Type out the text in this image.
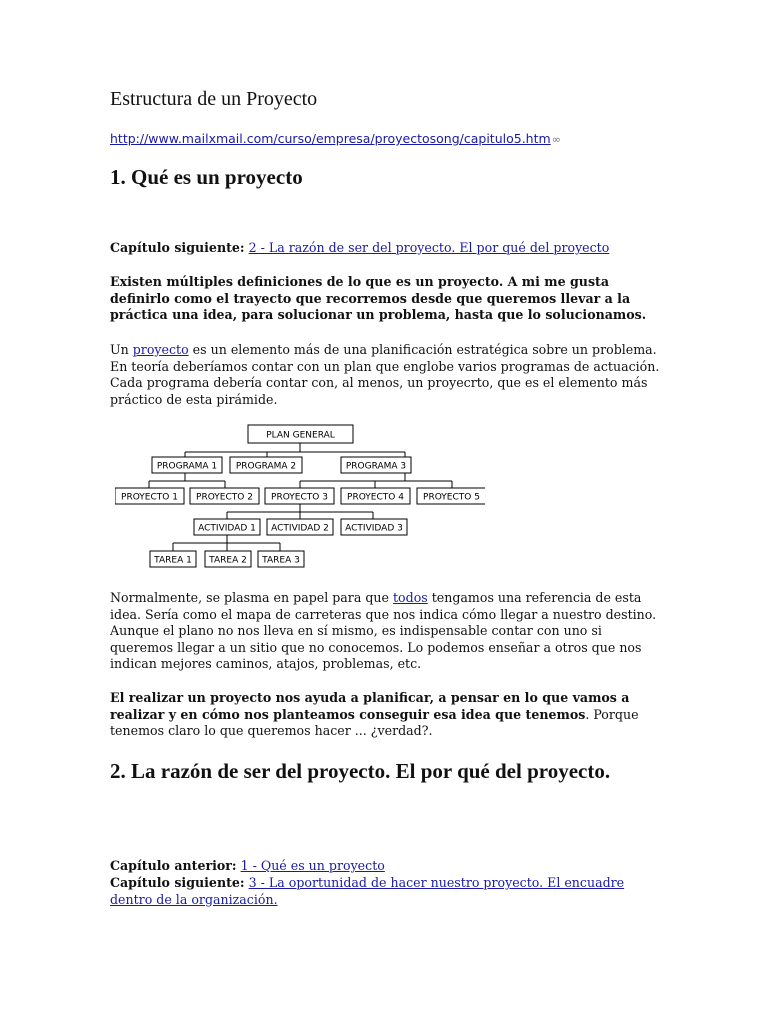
Estructura de un Proyecto
http://www.mailxmail.com/curso/empresa/proyectosong/capitulo5.htm∞
1. Qué es un proyecto
Capítulo siguiente: 2 - La razón de ser del proyecto. El por qué del proyecto
Existen múltiples definiciones de lo que es un proyecto. A mi me gusta definirlo como el trayecto que recorremos desde que queremos llevar a la práctica una idea, para solucionar un problema, hasta que lo solucionamos.
Un proyecto es un elemento más de una planificación estratégica sobre un problema. En teoría deberíamos contar con un plan que englobe varios programas de actuación. Cada programa debería contar con, al menos, un proyecrto, que es el elemento más práctico de esta pirámide.
Normalmente, se plasma en papel para que todos tengamos una referencia de esta idea. Sería como el mapa de carreteras que nos indica cómo llegar a nuestro destino. Aunque el plano no nos lleva en sí mismo, es indispensable contar con uno si queremos llegar a un sitio que no conocemos. Lo podemos enseñar a otros que nos indican mejores caminos, atajos, problemas, etc.
El realizar un proyecto nos ayuda a planificar, a pensar en lo que vamos a realizar y en cómo nos planteamos conseguir esa idea que tenemos. Porque tenemos claro lo que queremos hacer ... ¿verdad?.
2. La razón de ser del proyecto. El por qué del proyecto.
Capítulo anterior: 1 - Qué es un proyecto
Capítulo siguiente: 3 - La oportunidad de hacer nuestro proyecto. El encuadre dentro de la organización.
PLAN GENERAL
PROGRAMA 1 PROGRAMA 2	PROGRAMA 3
PROYECTO 1 PROYECTO 2 PROYECTO 3 PROYECTO 4 PROYECTO 5
ACTIVIDAD 1 ACTIVIDAD 2 ACTIVIDAD 3
TAREA 1 TAREA 2 TAREA 3
